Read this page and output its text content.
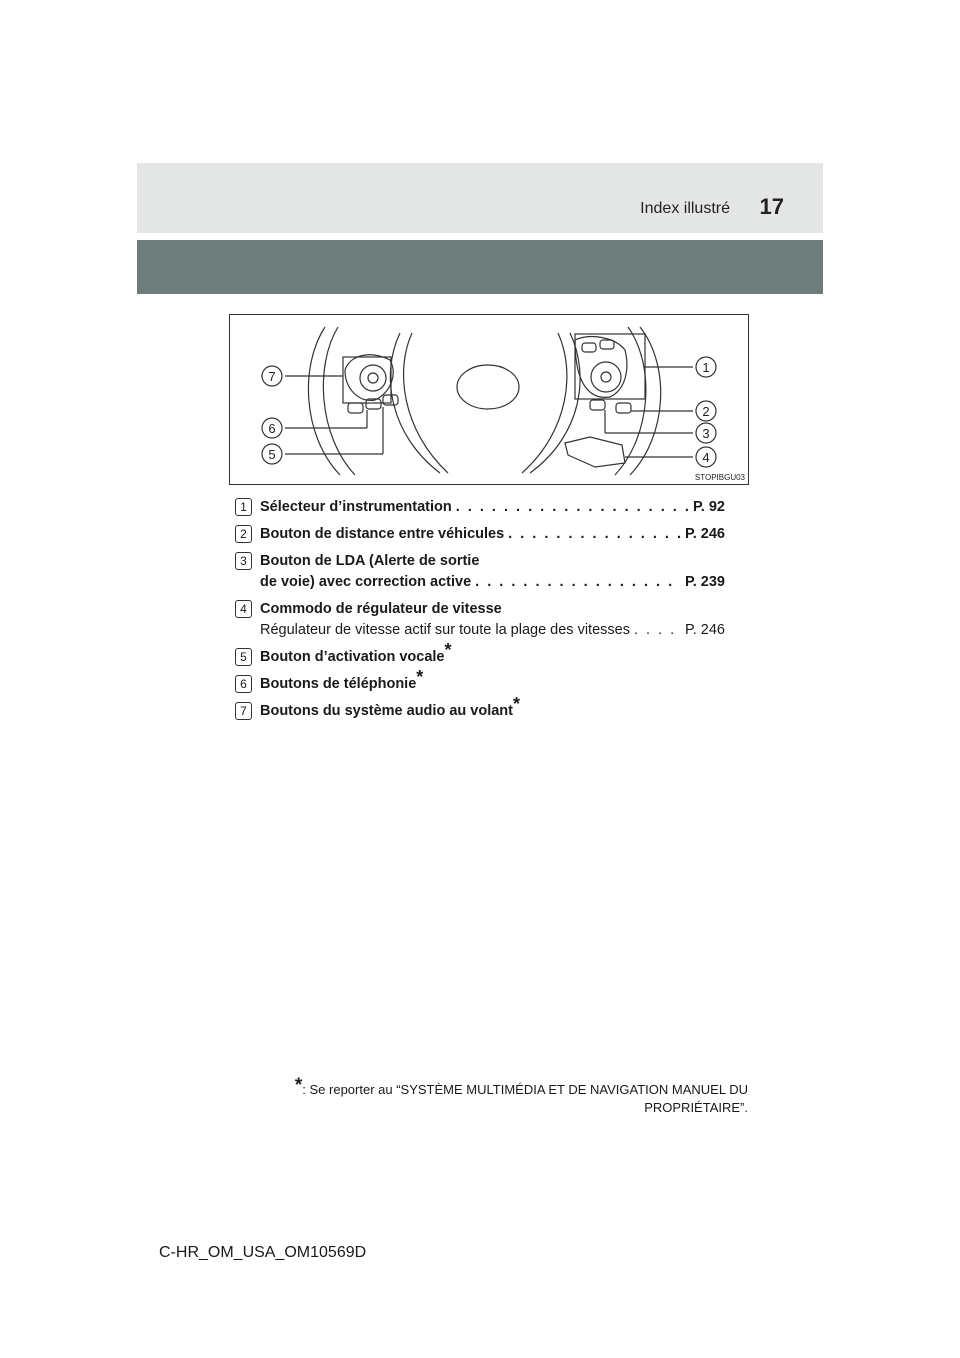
Index illustré	17
7
6
5
1
2
3
4
STOPIBGU03
1 Sélecteur d’instrumentation . . .	P. 92
2 Bouton de distance entre véhicules . . .	P. 246
3 Bouton de LDA (Alerte de sortie
de voie) avec correction active . . .	P. 239
4 Commodo de régulateur de vitesse
Régulateur de vitesse actif sur toute la plage des vitesses . . .	P. 246
5 Bouton d’activation vocale*
6 Boutons de téléphonie*
7 Boutons du système audio au volant*
*: Se reporter au “SYSTÈME MULTIMÉDIA ET DE NAVIGATION MANUEL DU
PROPRIÉTAIRE”.
C-HR_OM_USA_OM10569D
